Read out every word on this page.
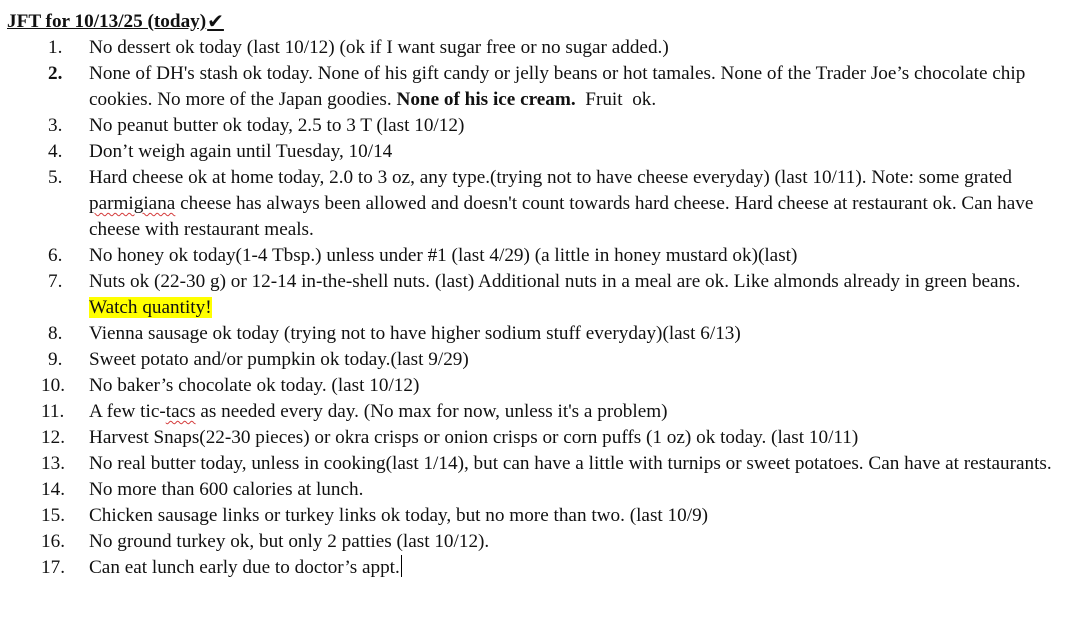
JFT for 10/13/25 (today) ✔
1.	No dessert ok today (last 10/12) (ok if I want sugar free or no sugar added.)
2.	None of DH's stash ok today. None of his gift candy or jelly beans or hot tamales. None of the Trader Joe’s chocolate chip cookies. No more of the Japan goodies. None of his ice cream.  Fruit  ok.
3.	No peanut butter ok today, 2.5 to 3 T (last 10/12)
4.	Don’t weigh again until Tuesday, 10/14
5.	Hard cheese ok at home today, 2.0 to 3 oz, any type.(trying not to have cheese everyday) (last 10/11). Note: some grated parmigiana cheese has always been allowed and doesn't count towards hard cheese. Hard cheese at restaurant ok. Can have cheese with restaurant meals.
6.	No honey ok today(1-4 Tbsp.) unless under #1 (last 4/29) (a little in honey mustard ok)(last)
7.	Nuts ok (22-30 g) or 12-14 in-the-shell nuts. (last) Additional nuts in a meal are ok. Like almonds already in green beans. Watch quantity!
8.	Vienna sausage ok today (trying not to have higher sodium stuff everyday)(last 6/13)
9.	Sweet potato and/or pumpkin ok today.(last 9/29)
10.	No baker’s chocolate ok today. (last 10/12)
11.	A few tic-tacs as needed every day. (No max for now, unless it's a problem)
12.	Harvest Snaps(22-30 pieces) or okra crisps or onion crisps or corn puffs (1 oz) ok today. (last 10/11)
13.	No real butter today, unless in cooking(last 1/14), but can have a little with turnips or sweet potatoes. Can have at restaurants.
14.	No more than 600 calories at lunch.
15.	Chicken sausage links or turkey links ok today, but no more than two. (last 10/9)
16.	No ground turkey ok, but only 2 patties (last 10/12).
17.	Can eat lunch early due to doctor’s appt.
